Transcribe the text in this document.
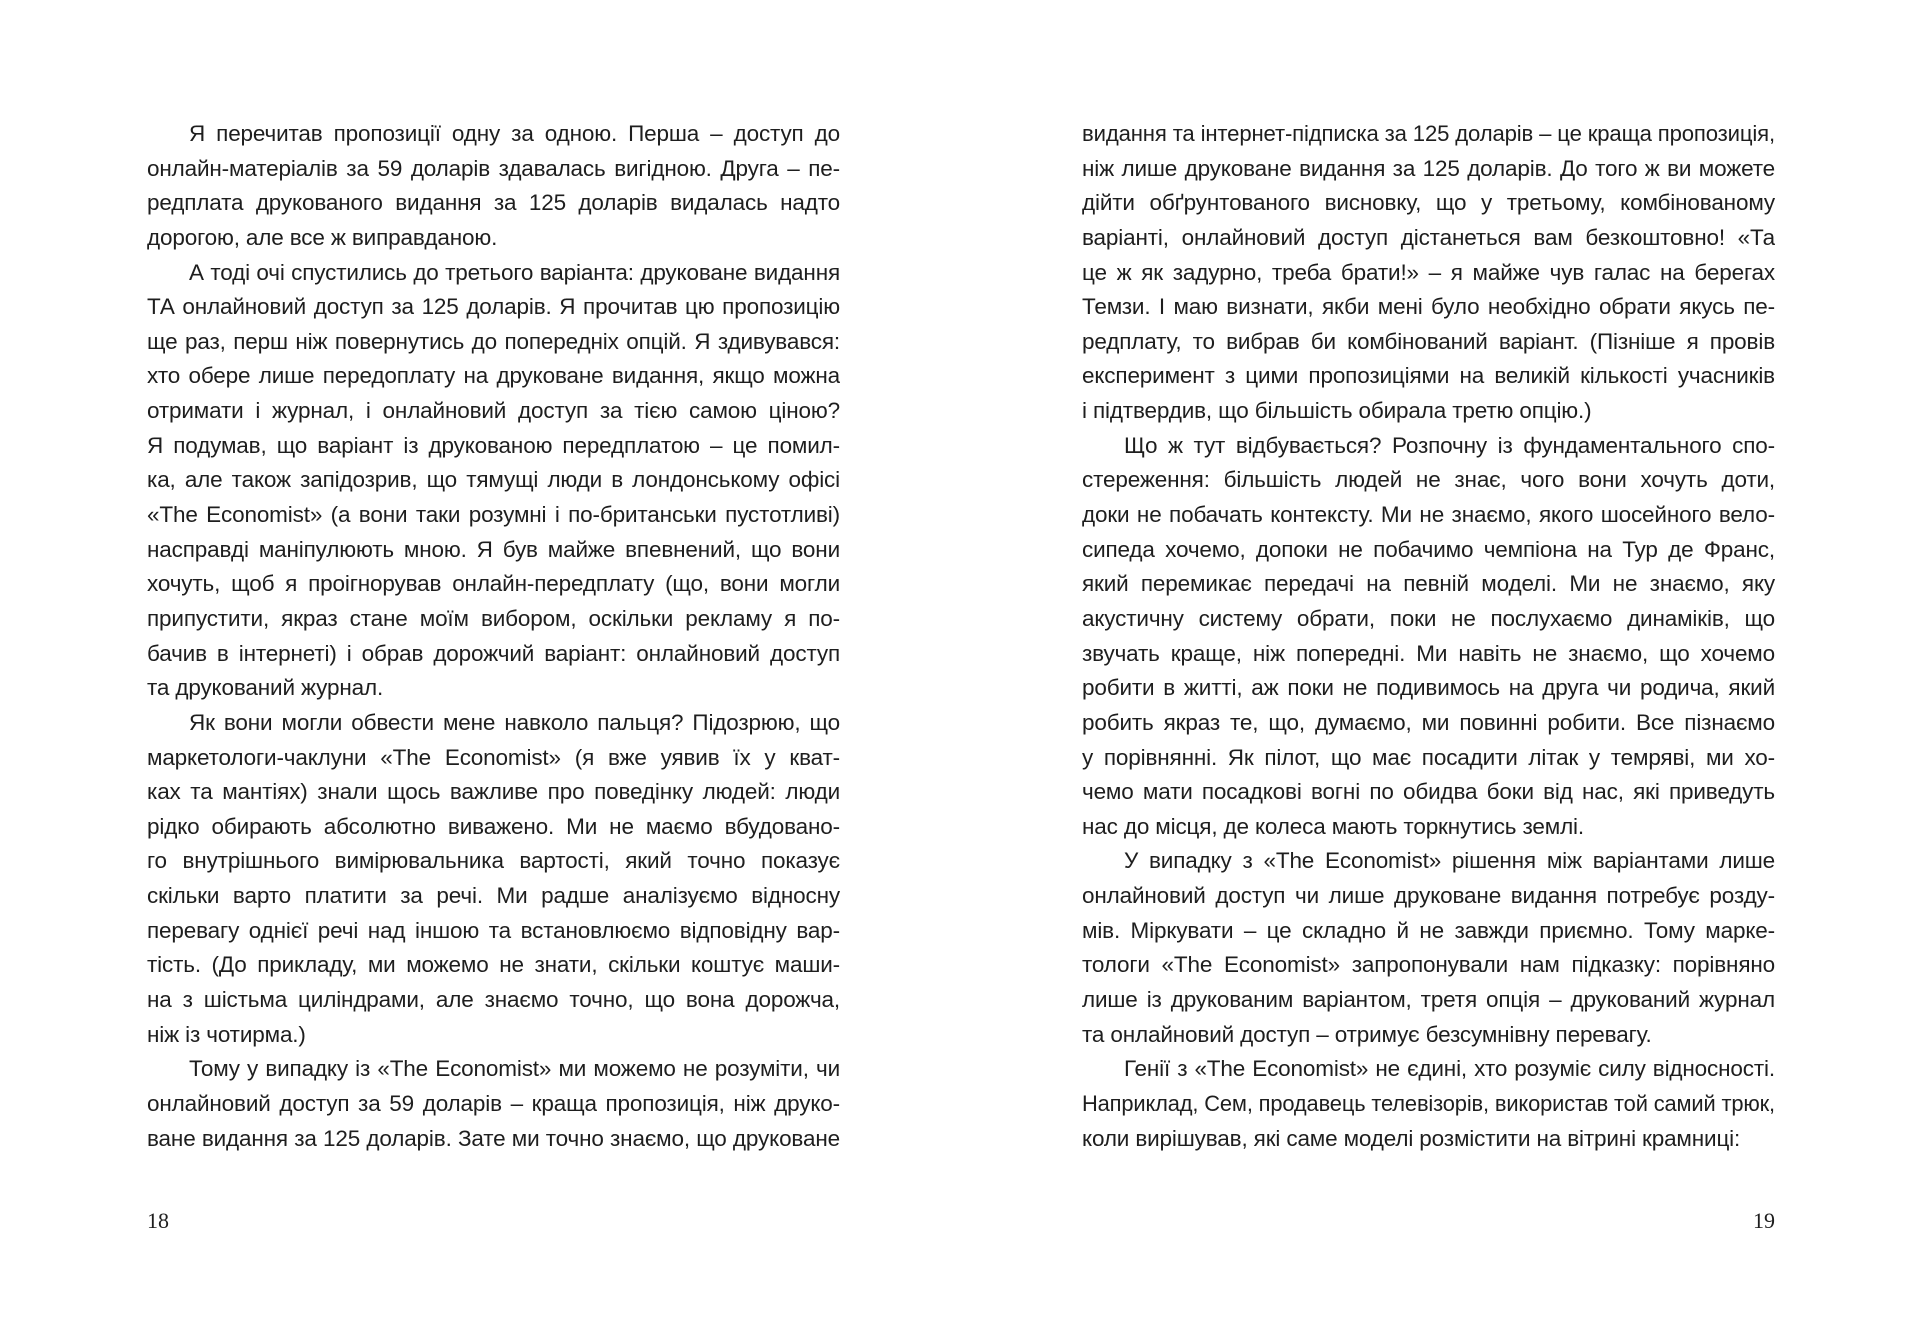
Я перечитав пропозиції одну за одною. Перша – доступ до
онлайн-матеріалів за 59 доларів здавалась вигідною. Друга – пе-
редплата друкованого видання за 125 доларів видалась надто
дорогою, але все ж виправданою.
А тоді очі спустились до третього варіанта: друковане видання
ТА онлайновий доступ за 125 доларів. Я прочитав цю пропозицію
ще раз, перш ніж повернутись до попередніх опцій. Я здивувався:
хто обере лише передоплату на друковане видання, якщо можна
отримати і журнал, і онлайновий доступ за тією самою ціною?
Я подумав, що варіант із друкованою передплатою – це помил-
ка, але також запідозрив, що тямущі люди в лондонському офісі
«The Economist» (а вони таки розумні і по-британськи пустотливі)
насправді маніпулюють мною. Я був майже впевнений, що вони
хочуть, щоб я проігнорував онлайн-передплату (що, вони могли
припустити, якраз стане моїм вибором, оскільки рекламу я по-
бачив в інтернеті) і обрав дорожчий варіант: онлайновий доступ
та друкований журнал.
Як вони могли обвести мене навколо пальця? Підозрюю, що
маркетологи-чаклуни «The Economist» (я вже уявив їх у кват-
ках та мантіях) знали щось важливе про поведінку людей: люди
рідко обирають абсолютно виважено. Ми не маємо вбудовано-
го внутрішнього вимірювальника вартості, який точно показує
скільки варто платити за речі. Ми радше аналізуємо відносну
перевагу однієї речі над іншою та встановлюємо відповідну вар-
тість. (До прикладу, ми можемо не знати, скільки коштує маши-
на з шістьма циліндрами, але знаємо точно, що вона дорожча,
ніж із чотирма.)
Тому у випадку із «The Economist» ми можемо не розуміти, чи
онлайновий доступ за 59 доларів – краща пропозиція, ніж друко-
ване видання за 125 доларів. Зате ми точно знаємо, що друковане
18
видання та інтернет-підписка за 125 доларів – це краща пропозиція,
ніж лише друковане видання за 125 доларів. До того ж ви можете
дійти обґрунтованого висновку, що у третьому, комбінованому
варіанті, онлайновий доступ дістанеться вам безкоштовно! «Та
це ж як задурно, треба брати!» – я майже чув галас на берегах
Темзи. І маю визнати, якби мені було необхідно обрати якусь пе-
редплату, то вибрав би комбінований варіант. (Пізніше я провів
експеримент з цими пропозиціями на великій кількості учасників
і підтвердив, що більшість обирала третю опцію.)
Що ж тут відбувається? Розпочну із фундаментального спо-
стереження: більшість людей не знає, чого вони хочуть доти,
доки не побачать контексту. Ми не знаємо, якого шосейного вело-
сипеда хочемо, допоки не побачимо чемпіона на Тур де Франс,
який перемикає передачі на певній моделі. Ми не знаємо, яку
акустичну систему обрати, поки не послухаємо динаміків, що
звучать краще, ніж попередні. Ми навіть не знаємо, що хочемо
робити в житті, аж поки не подивимось на друга чи родича, який
робить якраз те, що, думаємо, ми повинні робити. Все пізнаємо
у порівнянні. Як пілот, що має посадити літак у темряві, ми хо-
чемо мати посадкові вогні по обидва боки від нас, які приведуть
нас до місця, де колеса мають торкнутись землі.
У випадку з «The Economist» рішення між варіантами лише
онлайновий доступ чи лише друковане видання потребує розду-
мів. Міркувати – це складно й не завжди приємно. Тому марке-
тологи «The Economist» запропонували нам підказку: порівняно
лише із друкованим варіантом, третя опція – друкований журнал
та онлайновий доступ – отримує безсумнівну перевагу.
Генії з «The Economist» не єдині, хто розуміє силу відносності.
Наприклад, Сем, продавець телевізорів, використав той самий трюк,
коли вирішував, які саме моделі розмістити на вітрині крамниці:
19
